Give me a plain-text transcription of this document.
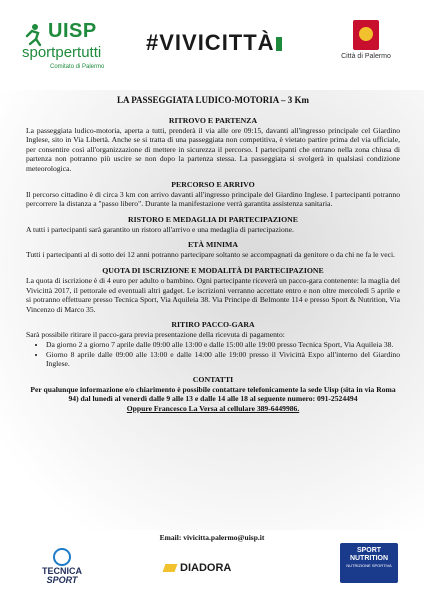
UISP
sportpertutti
Comitato di Palermo
#VIVICITTÀ
Città di Palermo
LA PASSEGGIATA LUDICO-MOTORIA – 3 Km
RITROVO E PARTENZA

La passeggiata ludico-motoria, aperta a tutti, prenderà il via alle ore 09:15, davanti all'ingresso principale cel Giardino Inglese, sito in Via Libertà. Anche se si tratta di una passeggiata non competitiva, è vietato partire prima del via ufficiale, per consentire così all'organizzazione di mettere in sicurezza il percorso. I partecipanti che entrano nella zona chiusa di partenza non potranno più uscire se non dopo la partenza stessa. La passeggiata si svolgerà in qualsiasi condizione meteorologica.

PERCORSO E ARRIVO

Il percorso cittadino è di circa 3 km con arrivo davanti all'ingresso principale del Giardino Inglese. I partecipanti potranno percorrere la distanza a "passo libero". Durante la manifestazione verrà garantita assistenza sanitaria.

RISTORO E MEDAGLIA DI PARTECIPAZIONE

A tutti i partecipanti sarà garantito un ristoro all'arrivo e una medaglia di partecipazione.

ETÀ MINIMA

Tutti i partecipanti al di sotto dei 12 anni potranno partecipare soltanto se accompagnati da genitore o da chi ne fa le veci.

QUOTA DI ISCRIZIONE E MODALITÀ DI PARTECIPAZIONE

La quota di iscrizione è di 4 euro per adulto o bambino. Ogni partecipante riceverà un pacco-gara contenente: la maglia del Vivicittà 2017, il pettorale ed eventuali altri gadget. Le iscrizioni verranno accettate entro e non oltre mercoledì 5 aprile e si potranno effettuare presso Tecnica Sport, Via Aquileia 38. Via Principe di Belmonte 114 e presso Sport & Nutrition, Via Vincenzo di Marco 35.

RITIRO PACCO-GARA

Sarà possibile ritirare il pacco-gara previa presentazione della ricevuta di pagamento:

• Da giorno 2 a giorno 7 aprile dalle 09:00 alle 13:00 e dalle 15:00 alle 19:00 presso Tecnica Sport, Via Aquileia 38.
• Giorno 8 aprile dalle 09:00 alle 13:00 e dalle 14:00 alle 19:00 presso il Vivicittà Expo all'interno del Giardino Inglese.
CONTATTI

Per qualunque informazione e/o chiarimento è possibile contattare telefonicamente la sede Uisp (sita in via Roma 94) dal lunedì al venerdì dalle 9 alle 13 e dalle 14 alle 18 al seguente numero: 091-2524494

Oppure Francesco La Versa al cellulare 389-6449986.

Email: vivicitta.palermo@uisp.it
TECNICA
SPORT
DIADORA
SPORT
NUTRITION
NUTRIZIONE SPORTIVA
